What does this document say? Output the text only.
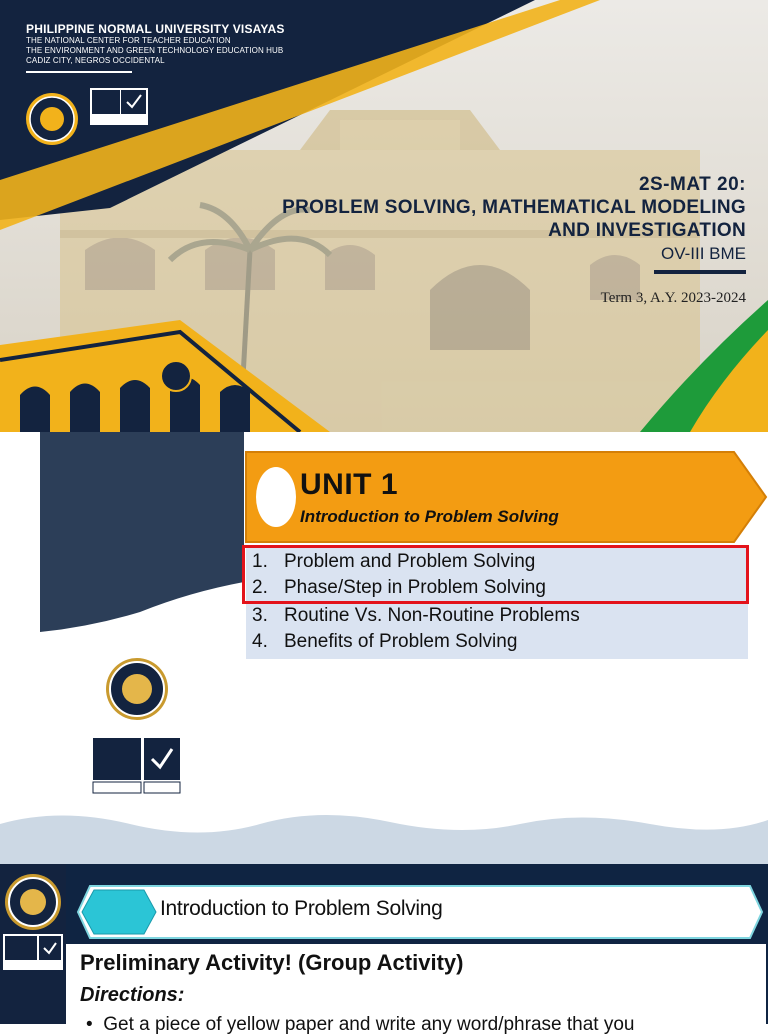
PHILIPPINE NORMAL UNIVERSITY VISAYAS
THE NATIONAL CENTER FOR TEACHER EDUCATION
THE ENVIRONMENT AND GREEN TECHNOLOGY EDUCATION HUB
CADIZ CITY, NEGROS OCCIDENTAL
2S-MAT 20:
PROBLEM SOLVING, MATHEMATICAL MODELING
AND INVESTIGATION
OV-III BME
Term 3, A.Y. 2023-2024
UNIT 1
Introduction to Problem Solving
1. Problem and Problem Solving
2. Phase/Step in Problem Solving
3. Routine Vs. Non-Routine Problems
4. Benefits of Problem Solving
Introduction to Problem Solving
Preliminary Activity! (Group Activity)
Directions:
•  Get a piece of yellow paper and write any word/phrase that you
